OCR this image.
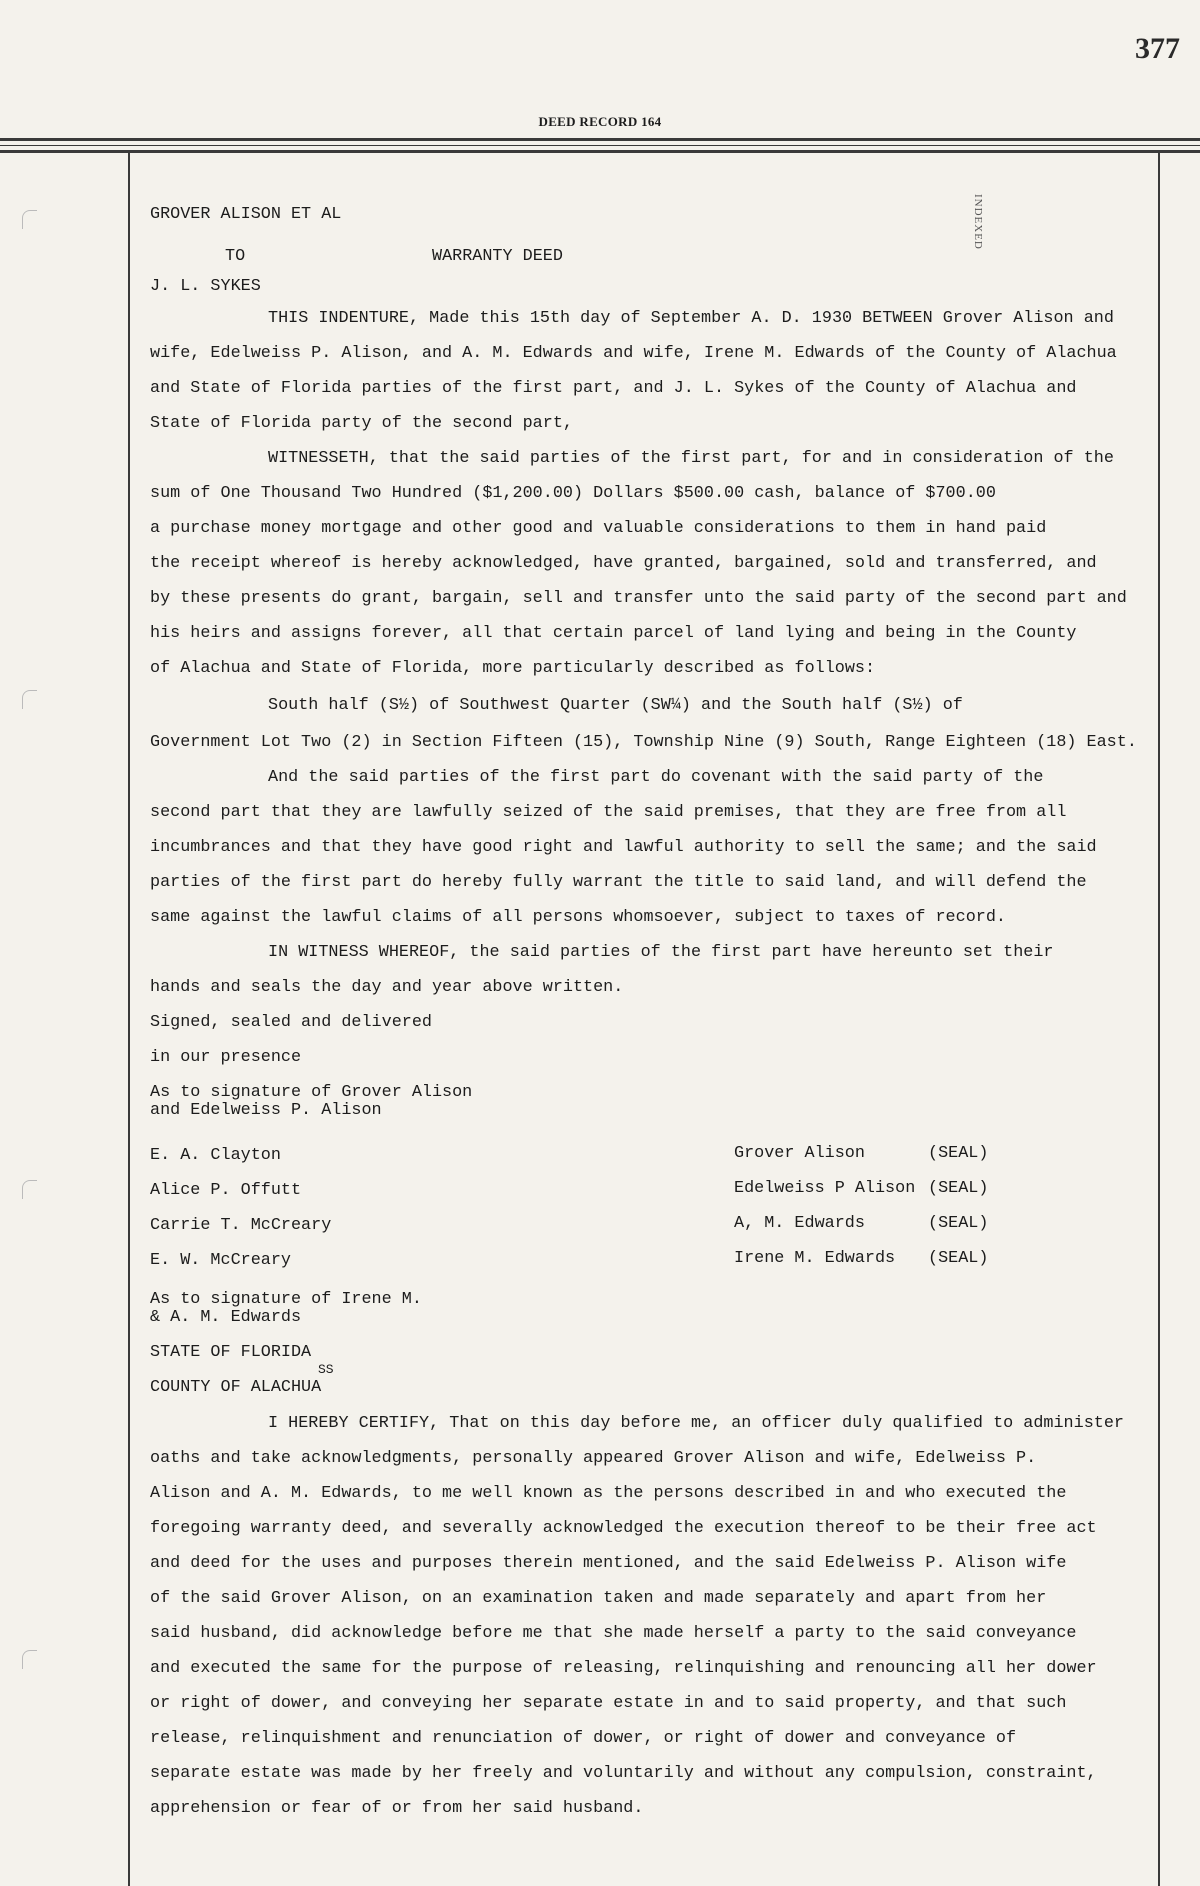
377
DEED RECORD 164
INDEXED
GROVER ALISON ET AL
WARRANTY DEED
TO
J. L. SYKES
THIS INDENTURE, Made this 15th day of September A. D. 1930 BETWEEN Grover Alison and
wife, Edelweiss P. Alison, and A. M. Edwards and wife, Irene M. Edwards of the County of Alachua
and State of Florida parties of the first part, and J. L. Sykes of the County of Alachua and
State of Florida party of the second part,
WITNESSETH, that the said parties of the first part, for and in consideration of the
sum of One Thousand Two Hundred ($1,200.00) Dollars $500.00 cash, balance of $700.00
a purchase money mortgage and other good and valuable considerations to them in hand paid
the receipt whereof is hereby acknowledged, have granted, bargained, sold and transferred, and
by these presents do grant, bargain, sell and transfer unto the said party of the second part and
his heirs and assigns forever, all that certain parcel of land lying and being in the County
of Alachua and State of Florida, more particularly described as follows:
South half (S½) of Southwest Quarter (SW¼) and the South half (S½) of
Government Lot Two (2) in Section Fifteen (15), Township Nine (9) South, Range Eighteen (18) East.
And the said parties of the first part do covenant with the said party of the
second part that they are lawfully seized of the said premises, that they are free from all
incumbrances and that they have good right and lawful authority to sell the same; and the said
parties of the first part do hereby fully warrant the title to said land, and will defend the
same against the lawful claims of all persons whomsoever, subject to taxes of record.
IN WITNESS WHEREOF, the said parties of the first part have hereunto set their
hands and seals the day and year above written.
Signed, sealed and delivered
in our presence
As to signature of Grover Alison
and Edelweiss P. Alison
E. A. Clayton
Alice P. Offutt
Carrie T. McCreary
E. W. McCreary
Grover Alison	(SEAL)
Edelweiss P Alison (SEAL)
A, M. Edwards	(SEAL)
Irene M. Edwards (SEAL)
As to signature of Irene M.
& A. M. Edwards
STATE OF FLORIDA
SS
COUNTY OF ALACHUA
I HEREBY CERTIFY, That on this day before me, an officer duly qualified to administer
oaths and take acknowledgments, personally appeared Grover Alison and wife, Edelweiss P.
Alison and A. M. Edwards, to me well known as the persons described in and who executed the
foregoing warranty deed, and severally acknowledged the execution thereof to be their free act
and deed for the uses and purposes therein mentioned, and the said Edelweiss P. Alison wife
of the said Grover Alison, on an examination taken and made separately and apart from her
said husband, did acknowledge before me that she made herself a party to the said conveyance
and executed the same for the purpose of releasing, relinquishing and renouncing all her dower
or right of dower, and conveying her separate estate in and to said property, and that such
release, relinquishment and renunciation of dower, or right of dower and conveyance of
separate estate was made by her freely and voluntarily and without any compulsion, constraint,
apprehension or fear of or from her said husband.
